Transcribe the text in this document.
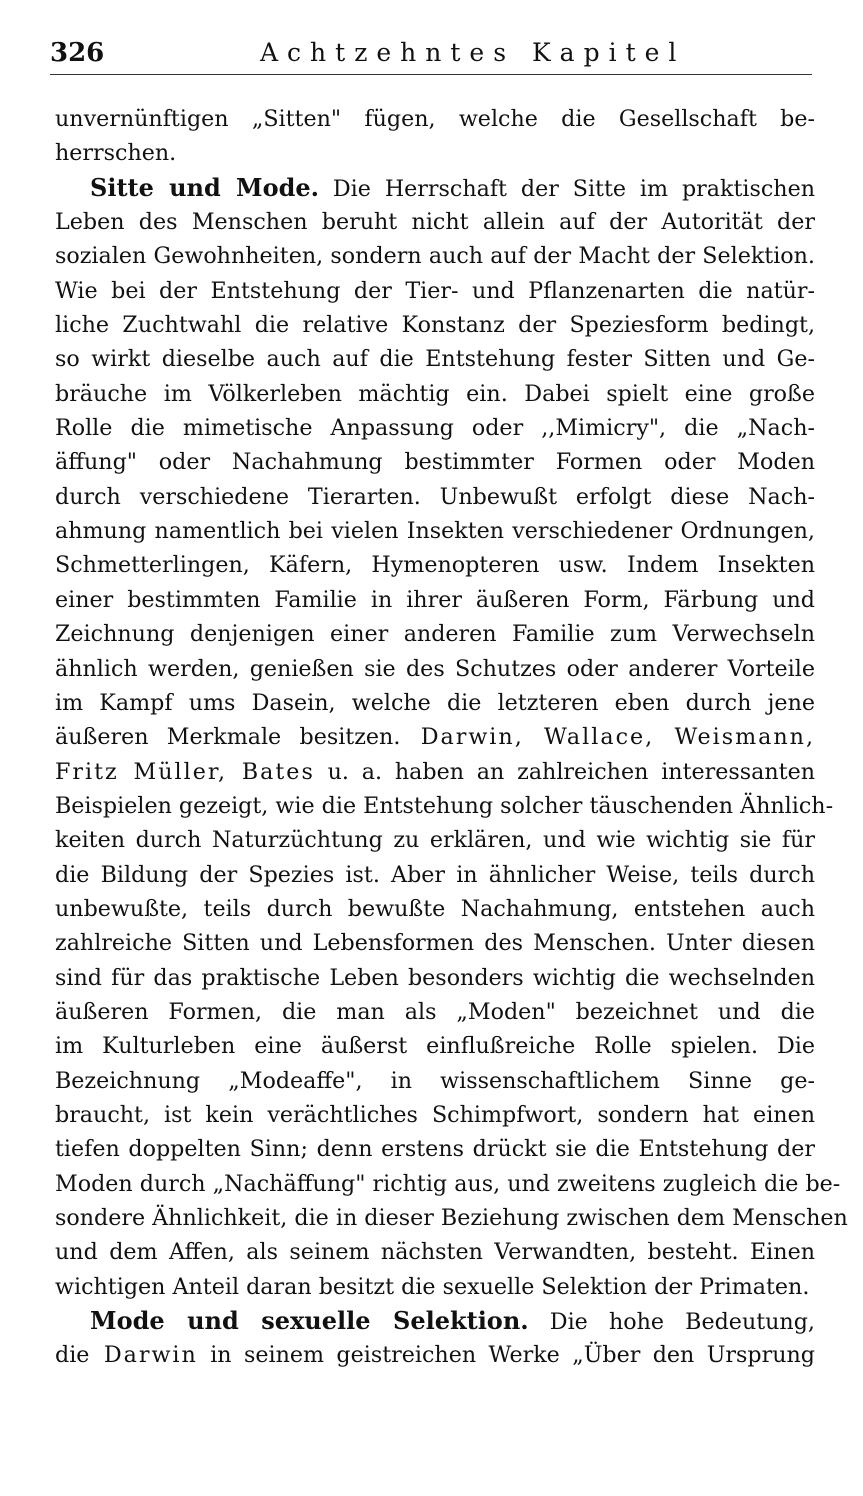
326	Achtzehntes Kapitel
unvernünftigen „Sitten" fügen, welche die Gesellschaft be-
herrschen.
Sitte und Mode. Die Herrschaft der Sitte im praktischen
Leben des Menschen beruht nicht allein auf der Autorität der
sozialen Gewohnheiten, sondern auch auf der Macht der Selektion.
Wie bei der Entstehung der Tier- und Pflanzenarten die natür-
liche Zuchtwahl die relative Konstanz der Speziesform bedingt,
so wirkt dieselbe auch auf die Entstehung fester Sitten und Ge-
bräuche im Völkerleben mächtig ein. Dabei spielt eine große
Rolle die mimetische Anpassung oder ,,Mimicry", die „Nach-
äffung" oder Nachahmung bestimmter Formen oder Moden
durch verschiedene Tierarten. Unbewußt erfolgt diese Nach-
ahmung namentlich bei vielen Insekten verschiedener Ordnungen,
Schmetterlingen, Käfern, Hymenopteren usw. Indem Insekten
einer bestimmten Familie in ihrer äußeren Form, Färbung und
Zeichnung denjenigen einer anderen Familie zum Verwechseln
ähnlich werden, genießen sie des Schutzes oder anderer Vorteile
im Kampf ums Dasein, welche die letzteren eben durch jene
äußeren Merkmale besitzen. Darwin, Wallace, Weismann,
Fritz Müller, Bates u. a. haben an zahlreichen interessanten
Beispielen gezeigt, wie die Entstehung solcher täuschenden Ähnlich-
keiten durch Naturzüchtung zu erklären, und wie wichtig sie für
die Bildung der Spezies ist. Aber in ähnlicher Weise, teils durch
unbewußte, teils durch bewußte Nachahmung, entstehen auch
zahlreiche Sitten und Lebensformen des Menschen. Unter diesen
sind für das praktische Leben besonders wichtig die wechselnden
äußeren Formen, die man als „Moden" bezeichnet und die
im Kulturleben eine äußerst einflußreiche Rolle spielen. Die
Bezeichnung „Modeaffe", in wissenschaftlichem Sinne ge-
braucht, ist kein verächtliches Schimpfwort, sondern hat einen
tiefen doppelten Sinn; denn erstens drückt sie die Entstehung der
Moden durch „Nachäffung" richtig aus, und zweitens zugleich die be-
sondere Ähnlichkeit, die in dieser Beziehung zwischen dem Menschen
und dem Affen, als seinem nächsten Verwandten, besteht. Einen
wichtigen Anteil daran besitzt die sexuelle Selektion der Primaten.
Mode und sexuelle Selektion. Die hohe Bedeutung,
die Darwin in seinem geistreichen Werke „Über den Ursprung
